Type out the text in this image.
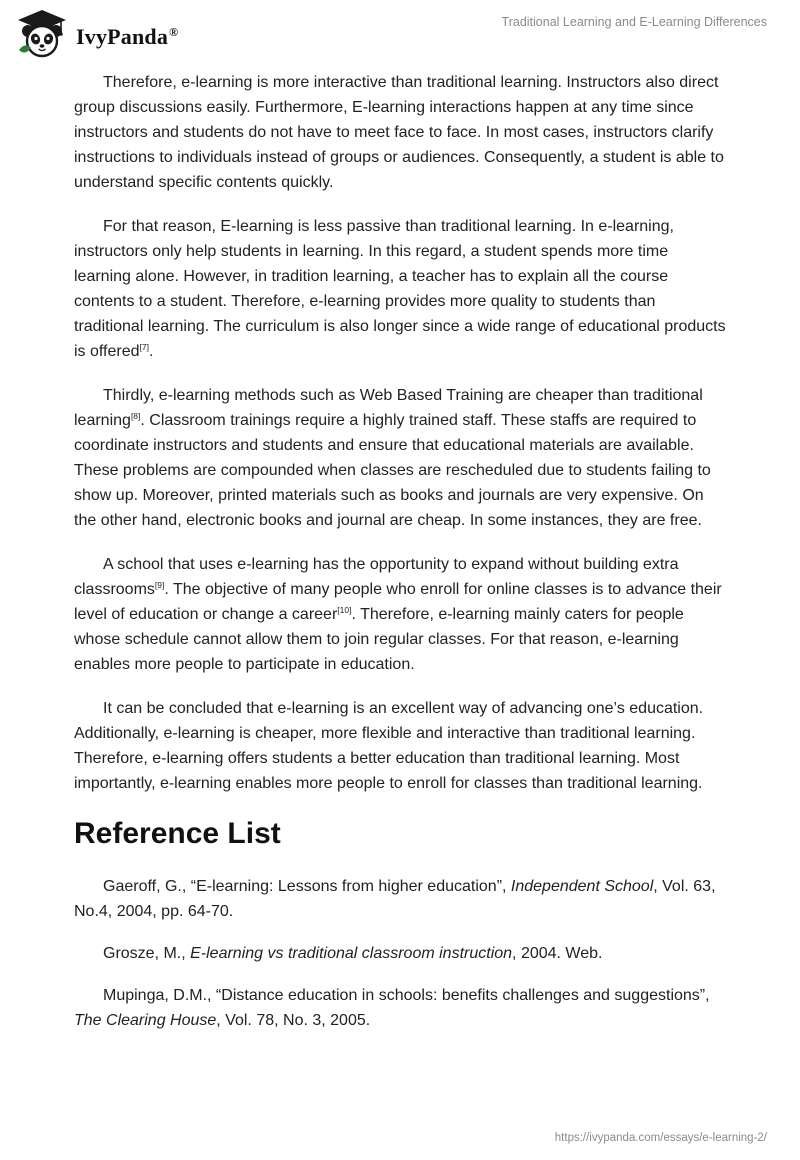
IvyPanda®
Traditional Learning and E-Learning Differences

Therefore, e-learning is more interactive than traditional learning. Instructors also direct group discussions easily. Furthermore, E-learning interactions happen at any time since instructors and students do not have to meet face to face. In most cases, instructors clarify instructions to individuals instead of groups or audiences. Consequently, a student is able to understand specific contents quickly.

For that reason, E-learning is less passive than traditional learning. In e-learning, instructors only help students in learning. In this regard, a student spends more time learning alone. However, in tradition learning, a teacher has to explain all the course contents to a student. Therefore, e-learning provides more quality to students than traditional learning. The curriculum is also longer since a wide range of educational products is offered[7].

Thirdly, e-learning methods such as Web Based Training are cheaper than traditional learning[8]. Classroom trainings require a highly trained staff. These staffs are required to coordinate instructors and students and ensure that educational materials are available. These problems are compounded when classes are rescheduled due to students failing to show up. Moreover, printed materials such as books and journals are very expensive. On the other hand, electronic books and journal are cheap. In some instances, they are free.

A school that uses e-learning has the opportunity to expand without building extra classrooms[9]. The objective of many people who enroll for online classes is to advance their level of education or change a career[10]. Therefore, e-learning mainly caters for people whose schedule cannot allow them to join regular classes. For that reason, e-learning enables more people to participate in education.

It can be concluded that e-learning is an excellent way of advancing one’s education. Additionally, e-learning is cheaper, more flexible and interactive than traditional learning. Therefore, e-learning offers students a better education than traditional learning. Most importantly, e-learning enables more people to enroll for classes than traditional learning.

Reference List

Gaeroff, G., “E-learning: Lessons from higher education”, Independent School, Vol. 63, No.4, 2004, pp. 64-70.

Grosze, M., E-learning vs traditional classroom instruction, 2004. Web.

Mupinga, D.M., “Distance education in schools: benefits challenges and suggestions”, The Clearing House, Vol. 78, No. 3, 2005.

https://ivypanda.com/essays/e-learning-2/
